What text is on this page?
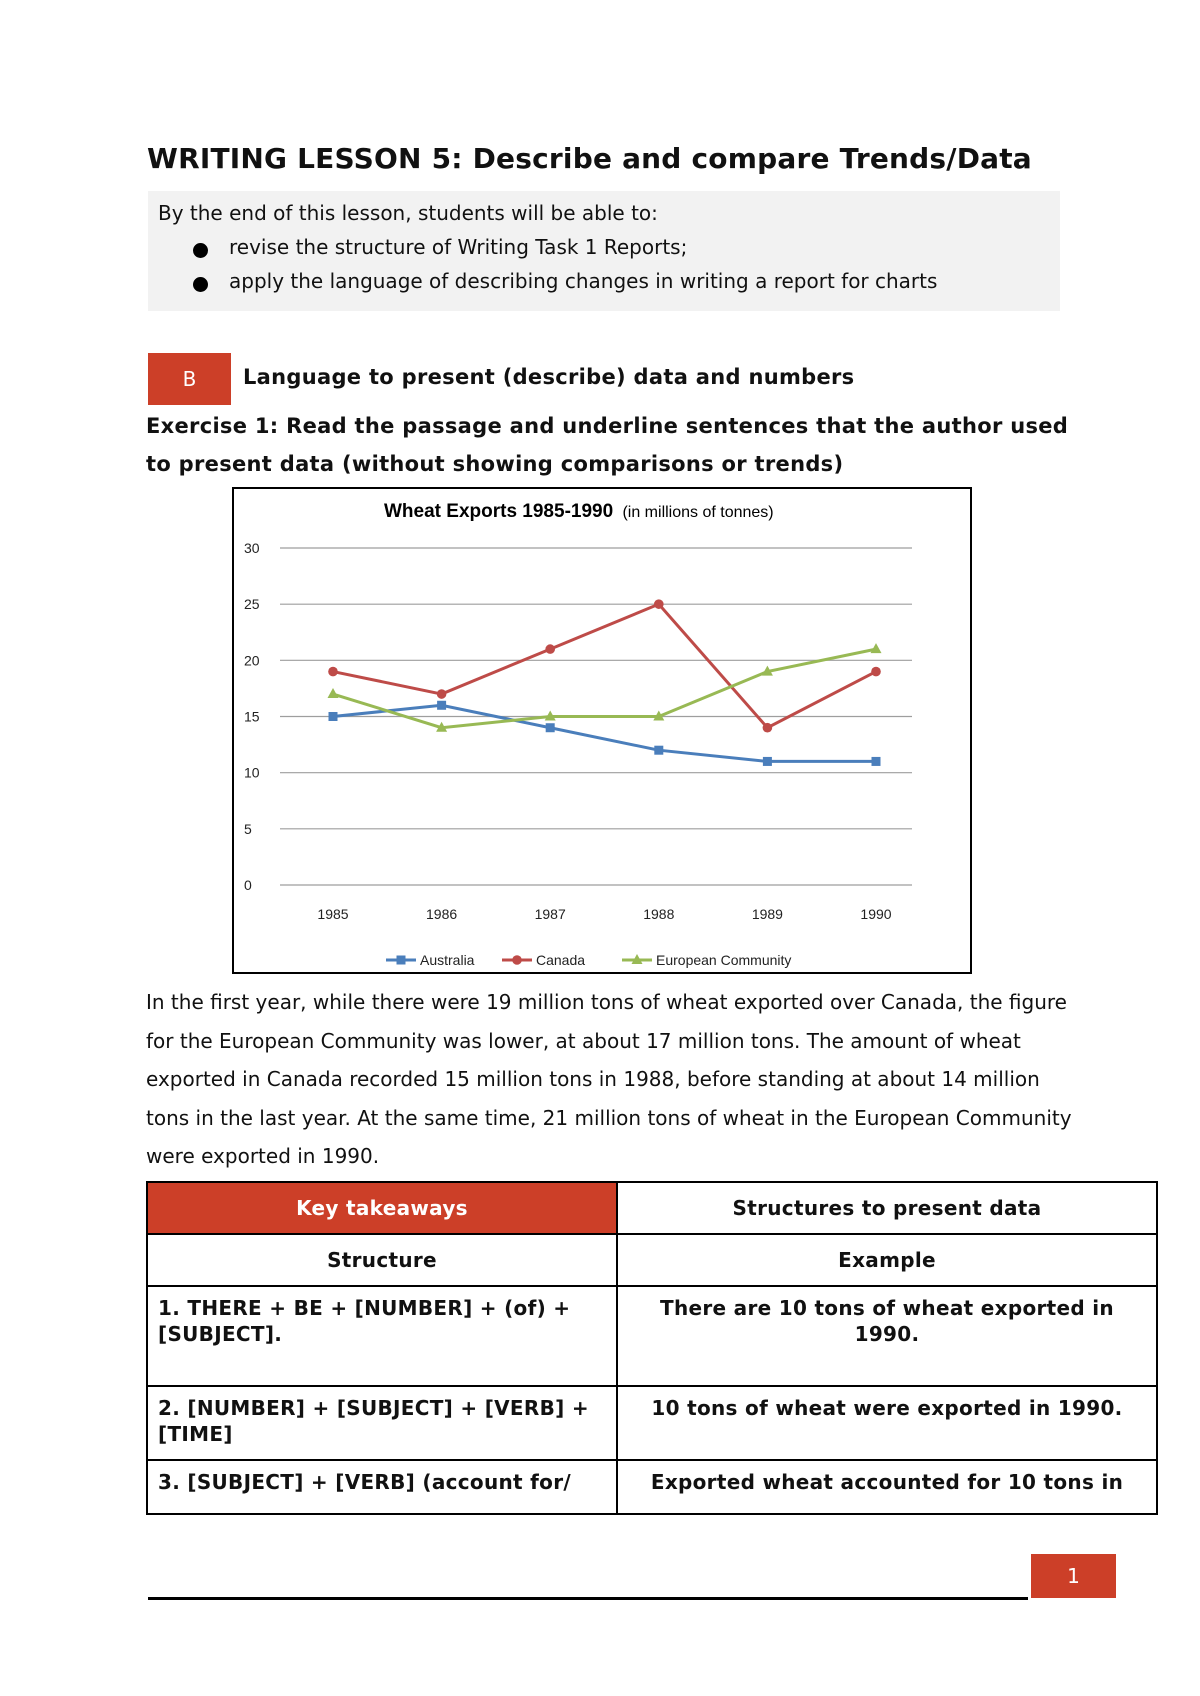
WRITING LESSON 5: Describe and compare Trends/Data
By the end of this lesson, students will be able to:
revise the structure of Writing Task 1 Reports;
apply the language of describing changes in writing a report for charts
B	Language to present (describe) data and numbers
Exercise 1: Read the passage and underline sentences that the author used to present data (without showing comparisons or trends)
Wheat Exports 1985-1990 (in millions of tonnes)
0
5
10
15
20
25
30
1985	1986	1987	1988	1989	1990
Australia	Canada	European Community
In the first year, while there were 19 million tons of wheat exported over Canada, the figure for the European Community was lower, at about 17 million tons. The amount of wheat exported in Canada recorded 15 million tons in 1988, before standing at about 14 million tons in the last year. At the same time, 21 million tons of wheat in the European Community were exported in 1990.
Key takeaways	Structures to present data
Structure	Example
1. THERE + BE + [NUMBER] + (of) + [SUBJECT].	There are 10 tons of wheat exported in 1990.
2. [NUMBER] + [SUBJECT] + [VERB] + [TIME]	10 tons of wheat were exported in 1990.
3. [SUBJECT] + [VERB] (account for/	Exported wheat accounted for 10 tons in
1
